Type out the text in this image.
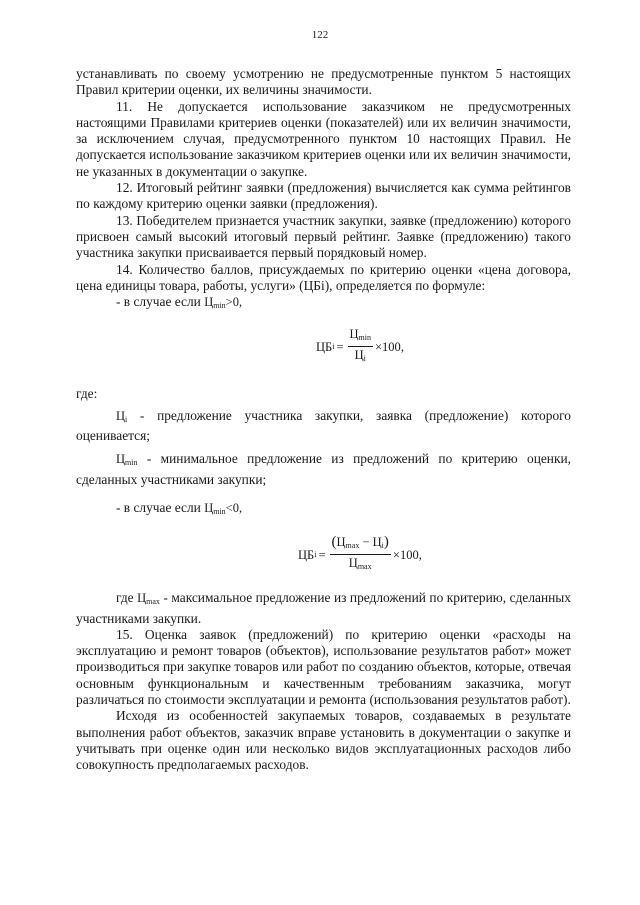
122

устанавливать по своему усмотрению не предусмотренные пунктом 5 настоящих Правил критерии оценки, их величины значимости.

11. Не допускается использование заказчиком не предусмотренных настоящими Правилами критериев оценки (показателей) или их величин значимости, за исключением случая, предусмотренного пунктом 10 настоящих Правил. Не допускается использование заказчиком критериев оценки или их величин значимости, не указанных в документации о закупке.

12. Итоговый рейтинг заявки (предложения) вычисляется как сумма рейтингов по каждому критерию оценки заявки (предложения).

13. Победителем признается участник закупки, заявке (предложению) которого присвоен самый высокий итоговый первый рейтинг. Заявке (предложению) такого участника закупки присваивается первый порядковый номер.

14. Количество баллов, присуждаемых по критерию оценки «цена договора, цена единицы товара, работы, услуги» (ЦБi), определяется по формуле:

- в случае если $Ц_{min}>0$,

ЦБ $i = \frac{Ц_{min}}{Ц_i} \times 100$ ,

где:

$Ц_i$ - предложение участника закупки, заявка (предложение) которого оценивается;

$Ц_{min}$ - минимальное предложение из предложений по критерию оценки, сделанных участниками закупки;

- в случае если $Ц_{min}<0$,

ЦБ $i = \frac{(Ц_{max} - Ц_i)}{Ц_{max}} \times 100$ ,

где $Ц_{max}$ - максимальное предложение из предложений по критерию, сделанных участниками закупки.

15. Оценка заявок (предложений) по критерию оценки «расходы на эксплуатацию и ремонт товаров (объектов), использование результатов работ» может производиться при закупке товаров или работ по созданию объектов, которые, отвечая основным функциональным и качественным требованиям заказчика, могут различаться по стоимости эксплуатации и ремонта (использования результатов работ).

Исходя из особенностей закупаемых товаров, создаваемых в результате выполнения работ объектов, заказчик вправе установить в документации о закупке и учитывать при оценке один или несколько видов эксплуатационных расходов либо совокупность предполагаемых расходов.
